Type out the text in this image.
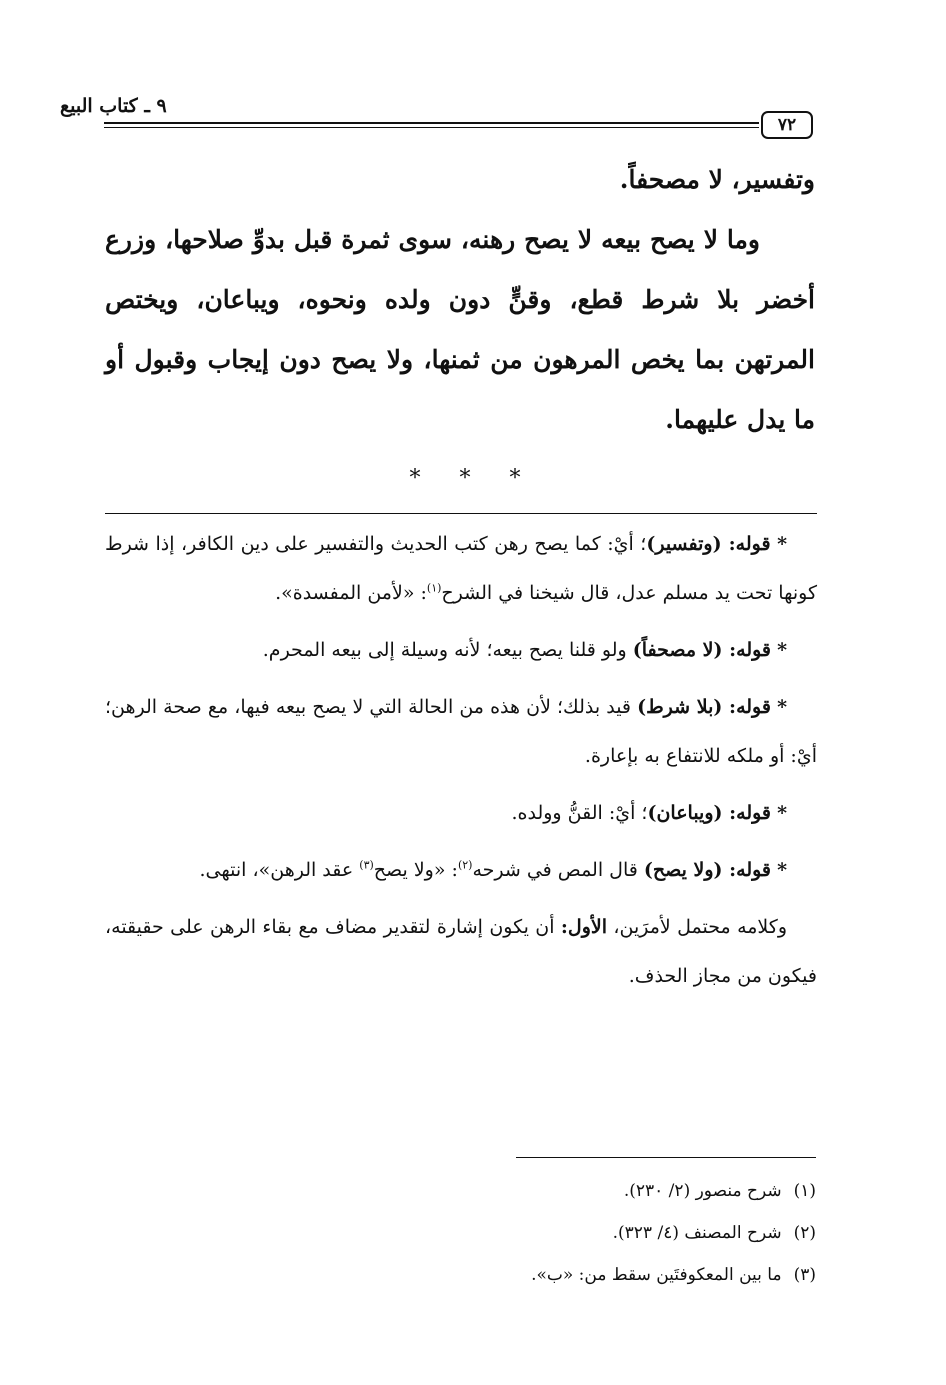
٩ ـ كتاب البيع
٧٢

وتفسير، لا مصحفاً.

وما لا يصح بيعه لا يصح رهنه، سوى ثمرة قبل بدوِّ صلاحها، وزرع أخضر بلا شرط قطع، وقنٍّ دون ولده ونحوه، ويباعان، ويختص المرتهن بما يخص المرهون من ثمنها، ولا يصح دون إيجاب وقبول أو ما يدل عليهما.

* * *

* قوله: (وتفسير)؛ أيْ: كما يصح رهن كتب الحديث والتفسير على دين الكافر، إذا شرط كونها تحت يد مسلم عدل، قال شيخنا في الشرح$^{(١)}$: «لأمن المفسدة».

* قوله: (لا مصحفاً) ولو قلنا يصح بيعه؛ لأنه وسيلة إلى بيعه المحرم.

* قوله: (بلا شرط) قيد بذلك؛ لأن هذه من الحالة التي لا يصح بيعه فيها، مع صحة الرهن؛ أيْ: أو ملكه للانتفاع به بإعارة.

* قوله: (ويباعان)؛ أيْ: القنُّ وولده.

* قوله: (ولا يصح) قال المص في شرحه$^{(٢)}$: «ولا يصح$^{(٣)}$ عقد الرهن»، انتهى.

وكلامه محتمل لأمرَين، الأول: أن يكون إشارة لتقدير مضاف مع بقاء الرهن على حقيقته، فيكون من مجاز الحذف.

(١)شرح منصور (٢/ ٢٣٠).

(٢)شرح المصنف (٤/ ٣٢٣).

(٣)ما بين المعكوفتَين سقط من: «ب».
